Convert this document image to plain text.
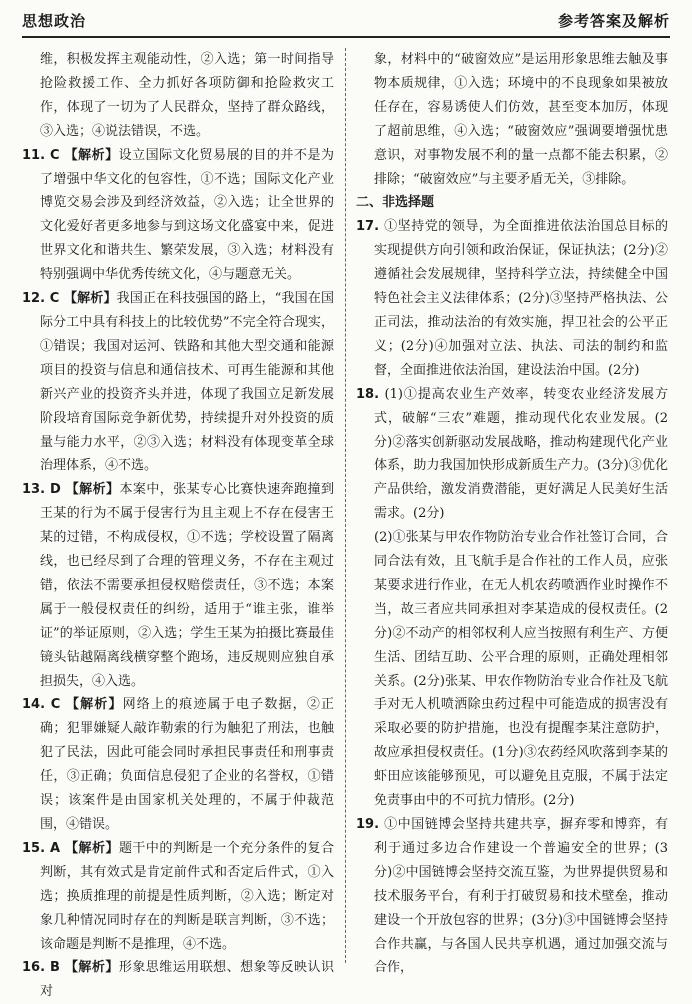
思想政治	参考答案及解析

维，积极发挥主观能动性，②入选；第一时间指导抢险救援工作、全力抓好各项防御和抢险救灾工作，体现了一切为了人民群众，坚持了群众路线，③入选；④说法错误，不选。

11. C 【解析】设立国际文化贸易展的目的并不是为了增强中华文化的包容性，①不选；国际文化产业博览交易会涉及到经济效益，②入选；让全世界的文化爱好者更多地参与到这场文化盛宴中来，促进世界文化和谐共生、繁荣发展，③入选；材料没有特别强调中华优秀传统文化，④与题意无关。

12. C 【解析】我国正在科技强国的路上，“我国在国际分工中具有科技上的比较优势”不完全符合现实，①错误；我国对运河、铁路和其他大型交通和能源项目的投资与信息和通信技术、可再生能源和其他新兴产业的投资齐头并进，体现了我国立足新发展阶段培育国际竞争新优势，持续提升对外投资的质量与能力水平，②③入选；材料没有体现变革全球治理体系，④不选。

13. D 【解析】本案中，张某专心比赛快速奔跑撞到王某的行为不属于侵害行为且主观上不存在侵害王某的过错，不构成侵权，①不选；学校设置了隔离线，也已经尽到了合理的管理义务，不存在主观过错，依法不需要承担侵权赔偿责任，③不选；本案属于一般侵权责任的纠纷，适用于“谁主张，谁举证”的举证原则，②入选；学生王某为拍摄比赛最佳镜头钻越隔离线横穿整个跑场，违反规则应独自承担损失，④入选。

14. C 【解析】网络上的痕迹属于电子数据，②正确；犯罪嫌疑人敲诈勒索的行为触犯了刑法，也触犯了民法，因此可能会同时承担民事责任和刑事责任，③正确；负面信息侵犯了企业的名誉权，①错误；该案件是由国家机关处理的，不属于仲裁范围，④错误。

15. A 【解析】题干中的判断是一个充分条件的复合判断，其有效式是肯定前件式和否定后件式，①入选；换质推理的前提是性质判断，②入选；断定对象几种情况同时存在的判断是联言判断，③不选；该命题是判断不是推理，④不选。

16. B 【解析】形象思维运用联想、想象等反映认识对

象，材料中的“破窗效应”是运用形象思维去触及事物本质规律，①入选；环境中的不良现象如果被放任存在，容易诱使人们仿效，甚至变本加厉，体现了超前思维，④入选；“破窗效应”强调要增强忧患意识，对事物发展不利的量一点都不能去积累，②排除；“破窗效应”与主要矛盾无关，③排除。

二、非选择题

17. ①坚持党的领导，为全面推进依法治国总目标的实现提供方向引领和政治保证，保证执法；(2分)②遵循社会发展规律，坚持科学立法，持续健全中国特色社会主义法律体系；(2分)③坚持严格执法、公正司法，推动法治的有效实施，捍卫社会的公平正义；(2分)④加强对立法、执法、司法的制约和监督，全面推进依法治国，建设法治中国。(2分)

18. (1)①提高农业生产效率，转变农业经济发展方式，破解“三农”难题，推动现代化农业发展。(2分)②落实创新驱动发展战略，推动构建现代化产业体系，助力我国加快形成新质生产力。(3分)③优化产品供给，激发消费潜能，更好满足人民美好生活需求。(2分)

(2)①张某与甲农作物防治专业合作社签订合同，合同合法有效，且飞航手是合作社的工作人员，应张某要求进行作业，在无人机农药喷洒作业时操作不当，故三者应共同承担对李某造成的侵权责任。(2分)②不动产的相邻权利人应当按照有利生产、方便生活、团结互助、公平合理的原则，正确处理相邻关系。(2分)张某、甲农作物防治专业合作社及飞航手对无人机喷洒除虫药过程中可能造成的损害没有采取必要的防护措施，也没有提醒李某注意防护，故应承担侵权责任。(1分)③农药经风吹落到李某的虾田应该能够预见，可以避免且克服，不属于法定免责事由中的不可抗力情形。(2分)

19. ①中国链博会坚持共建共享，摒弃零和博弈，有利于通过多边合作建设一个普遍安全的世界；(3分)②中国链博会坚持交流互鉴，为世界提供贸易和技术服务平台，有利于打破贸易和技术壁垒，推动建设一个开放包容的世界；(3分)③中国链博会坚持合作共赢，与各国人民共享机遇，通过加强交流与合作，
